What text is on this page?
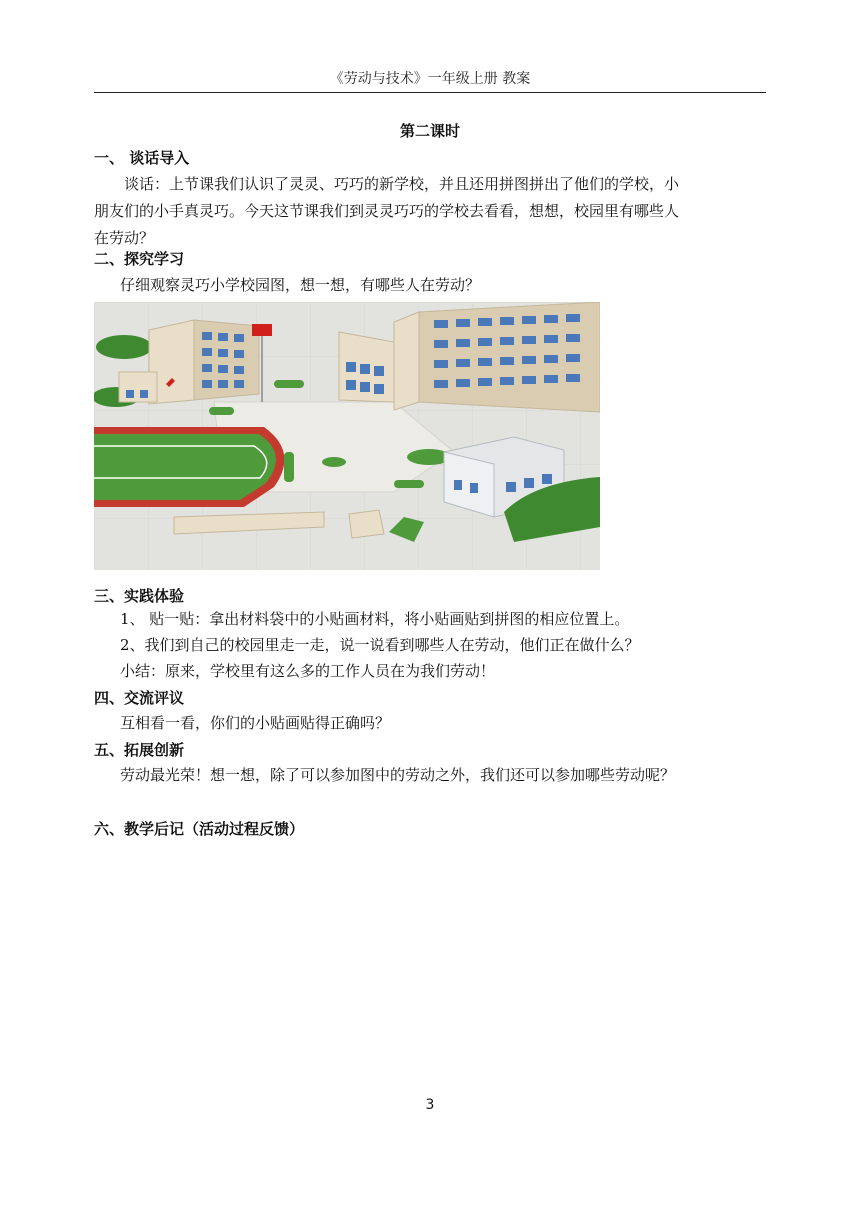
《劳动与技术》一年级上册 教案
第二课时
一、 谈话导入
谈话：上节课我们认识了灵灵、巧巧的新学校，并且还用拼图拼出了他们的学校，小
朋友们的小手真灵巧。今天这节课我们到灵灵巧巧的学校去看看，想想，校园里有哪些人
在劳动？
二、探究学习
仔细观察灵巧小学校园图，想一想，有哪些人在劳动？
三、实践体验
1、 贴一贴：拿出材料袋中的小贴画材料，将小贴画贴到拼图的相应位置上。
2、我们到自己的校园里走一走，说一说看到哪些人在劳动，他们正在做什么？
小结：原来，学校里有这么多的工作人员在为我们劳动！
四、交流评议
互相看一看，你们的小贴画贴得正确吗？
五、拓展创新
劳动最光荣！想一想，除了可以参加图中的劳动之外，我们还可以参加哪些劳动呢？
六、教学后记（活动过程反馈）
3
